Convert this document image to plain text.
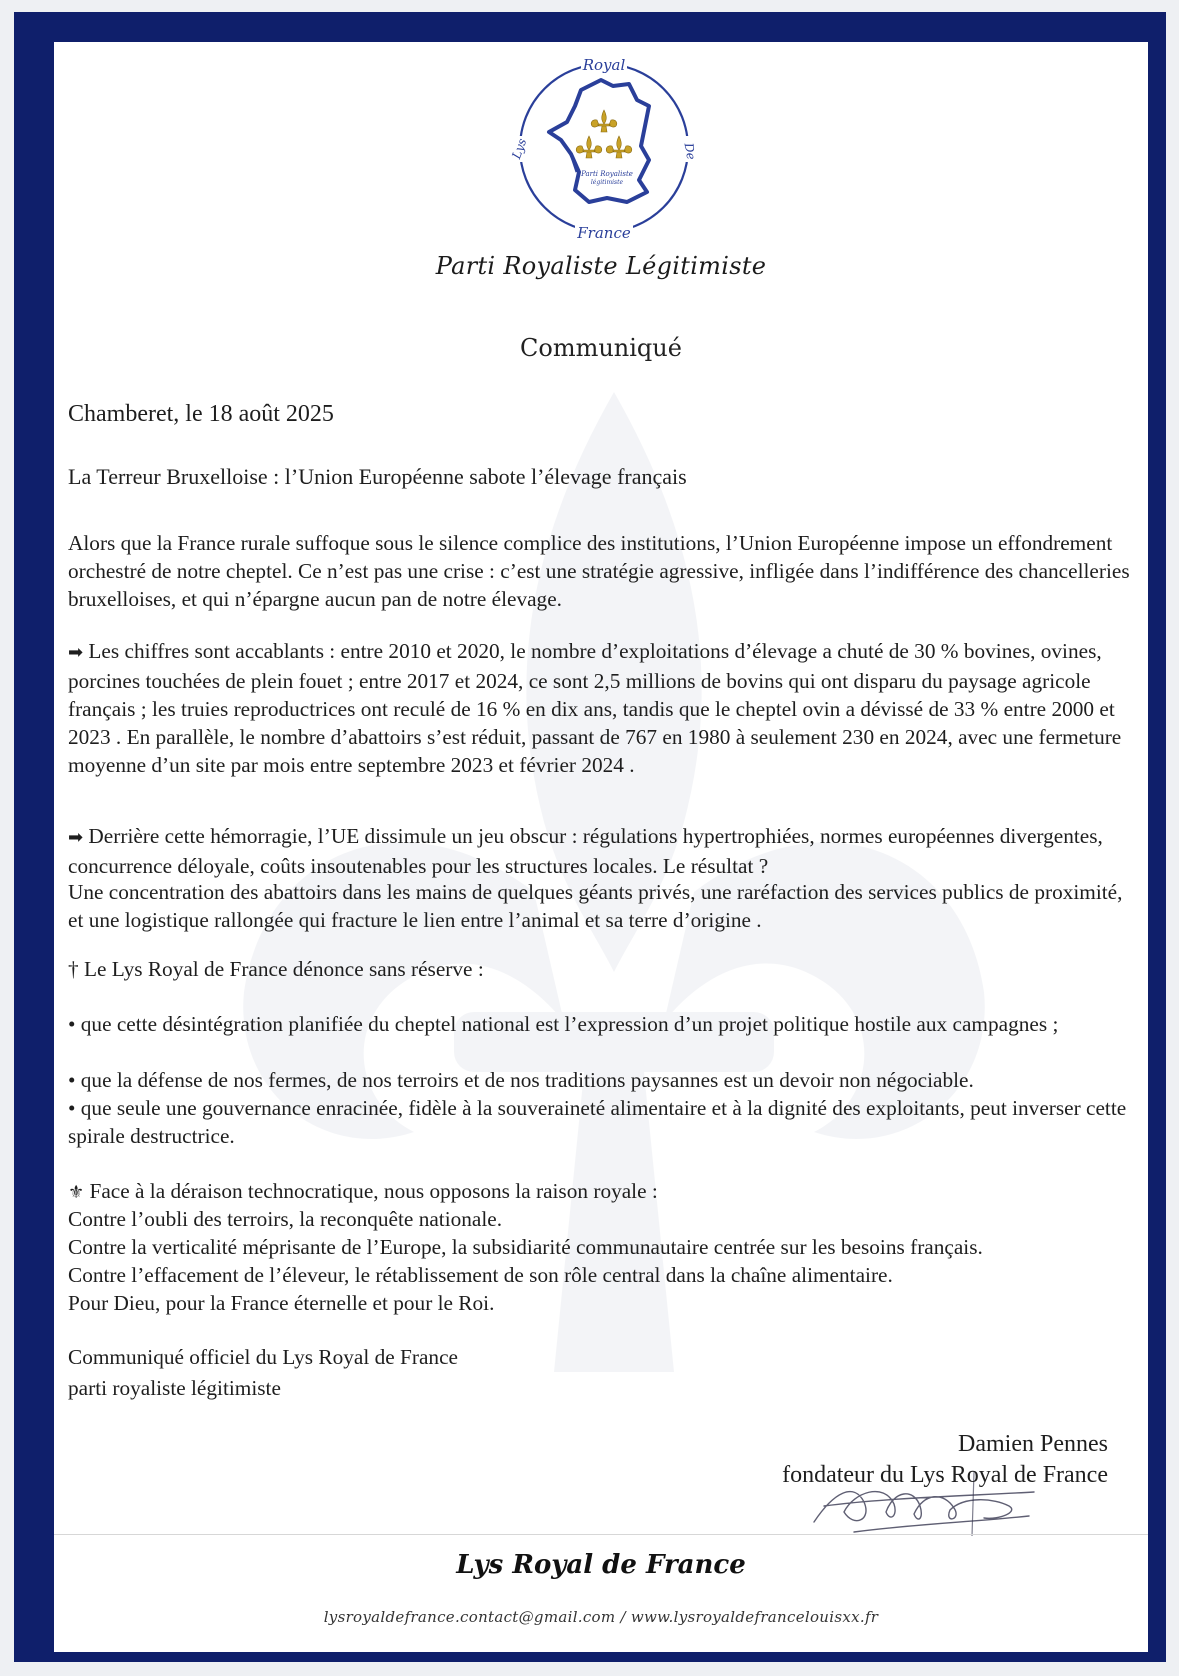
Parti Royaliste
légitimiste
Royal
France
Lys	De
Parti Royaliste Légitimiste
Communiqué

Chamberet, le 18 août 2025

La Terreur Bruxelloise : l’Union Européenne sabote l’élevage français

Alors que la France rurale suffoque sous le silence complice des institutions, l’Union Européenne impose un effondrement orchestré de notre cheptel. Ce n’est pas une crise : c’est une stratégie agressive, infligée dans l’indifférence des chancelleries bruxelloises, et qui n’épargne aucun pan de notre élevage.

➡ Les chiffres sont accablants : entre 2010 et 2020, le nombre d’exploitations d’élevage a chuté de 30 % bovines, ovines, porcines touchées de plein fouet ; entre 2017 et 2024, ce sont 2,5 millions de bovins qui ont disparu du paysage agricole français ; les truies reproductrices ont reculé de 16 % en dix ans, tandis que le cheptel ovin a dévissé de 33 % entre 2000 et 2023 . En parallèle, le nombre d’abattoirs s’est réduit, passant de 767 en 1980 à seulement 230 en 2024, avec une fermeture moyenne d’un site par mois entre septembre 2023 et février 2024 .

➡ Derrière cette hémorragie, l’UE dissimule un jeu obscur : régulations hypertrophiées, normes européennes divergentes, concurrence déloyale, coûts insoutenables pour les structures locales. Le résultat ?

Une concentration des abattoirs dans les mains de quelques géants privés, une raréfaction des services publics de proximité, et une logistique rallongée qui fracture le lien entre l’animal et sa terre d’origine .

† Le Lys Royal de France dénonce sans réserve :

• que cette désintégration planifiée du cheptel national est l’expression d’un projet politique hostile aux campagnes ;

• que la défense de nos fermes, de nos terroirs et de nos traditions paysannes est un devoir non négociable.

• que seule une gouvernance enracinée, fidèle à la souveraineté alimentaire et à la dignité des exploitants, peut inverser cette spirale destructrice.

⚜ Face à la déraison technocratique, nous opposons la raison royale :

Contre l’oubli des terroirs, la reconquête nationale.

Contre la verticalité méprisante de l’Europe, la subsidiarité communautaire centrée sur les besoins français.

Contre l’effacement de l’éleveur, le rétablissement de son rôle central dans la chaîne alimentaire.

Pour Dieu, pour la France éternelle et pour le Roi.

Communiqué officiel du Lys Royal de France

parti royaliste légitimiste

Damien Pennes
fondateur du Lys Royal de France
Lys Royal de France
lysroyaldefrance.contact@gmail.com / www.lysroyaldefrancelouisxx.fr
